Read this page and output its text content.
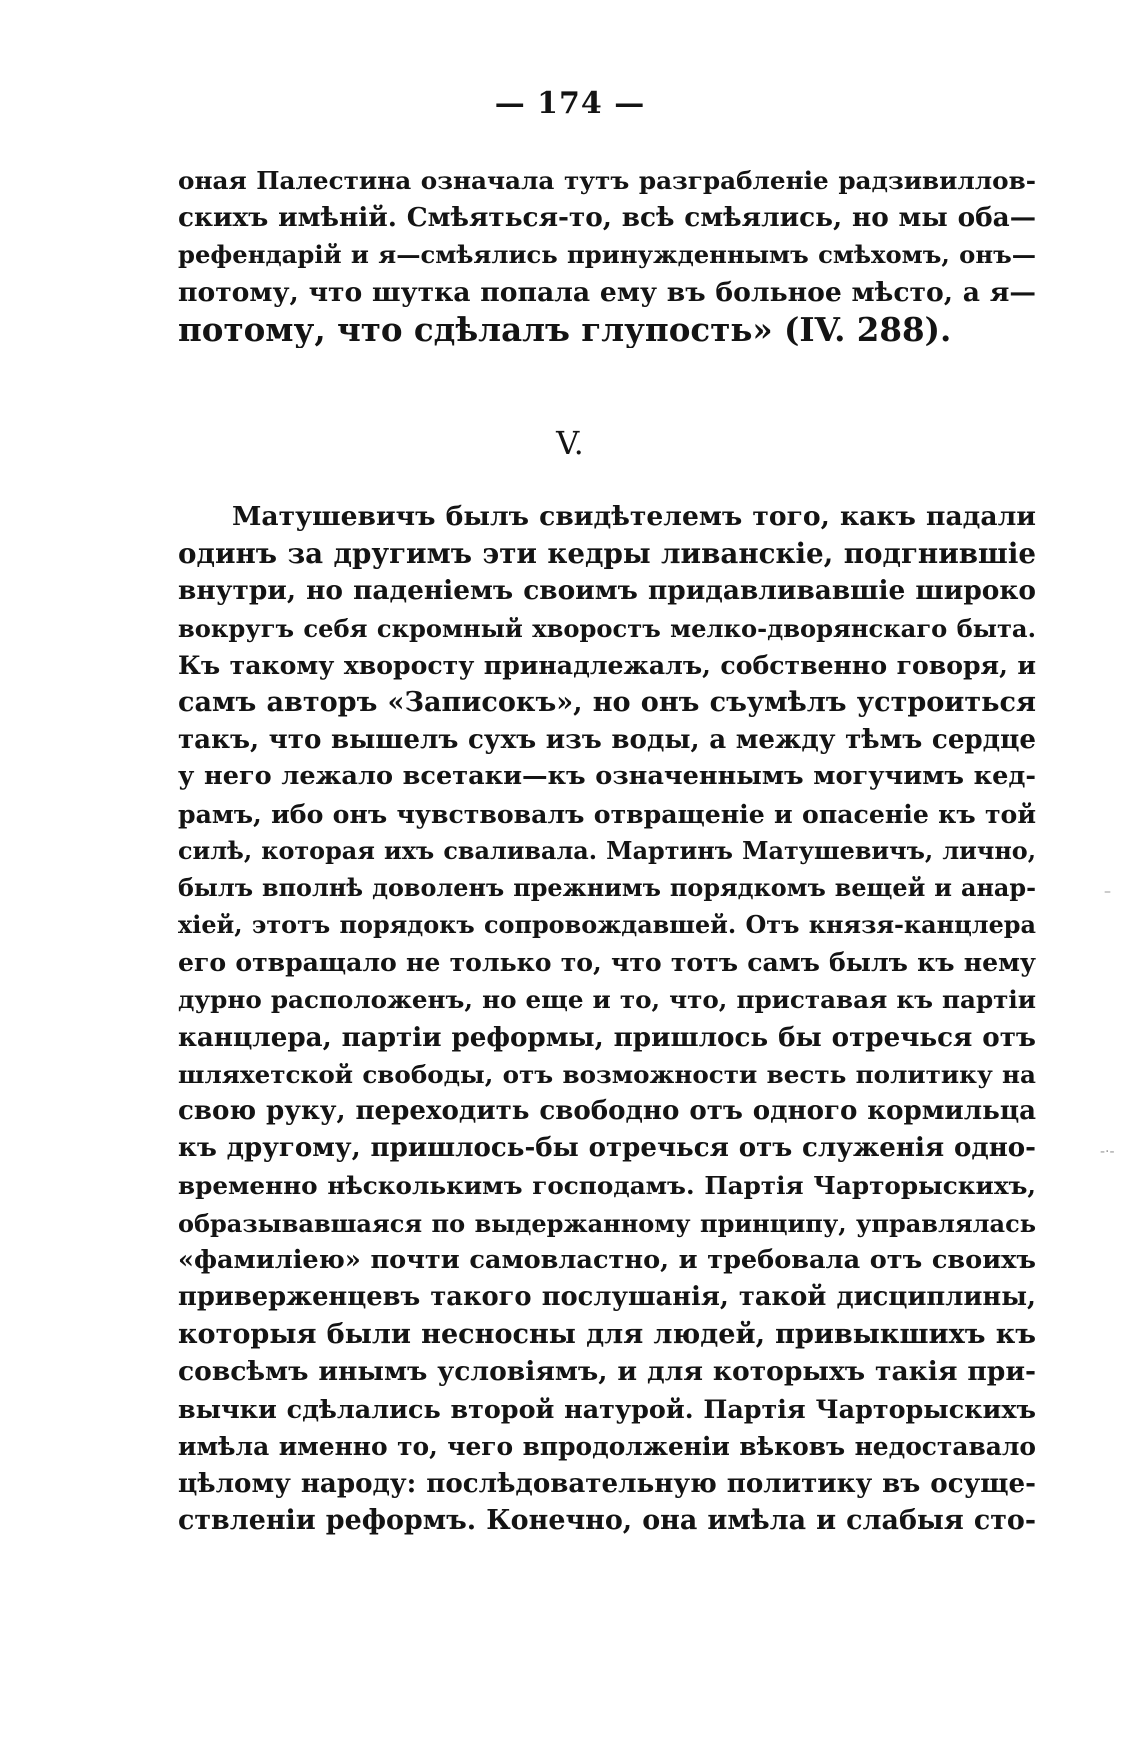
— 174 —
оная Палестина означала тутъ разграбленіе радзивиллов-
скихъ имѣній. Смѣяться-то, всѣ смѣялись, но мы оба—
рефендарій и я—смѣялись принужденнымъ смѣхомъ, онъ—
потому, что шутка попала ему въ больное мѣсто, а я—
потому, что сдѣлалъ глупость» (IV. 288).
V.
Матушевичъ былъ свидѣтелемъ того, какъ падали
одинъ за другимъ эти кедры ливанскіе, подгнившіе
внутри, но паденіемъ своимъ придавливавшіе широко
вокругъ себя скромный хворостъ мелко-дворянскаго быта.
Къ такому хворосту принадлежалъ, собственно говоря, и
самъ авторъ «Записокъ», но онъ съумѣлъ устроиться
такъ, что вышелъ сухъ изъ воды, а между тѣмъ сердце
у него лежало всетаки—къ означеннымъ могучимъ кед-
рамъ, ибо онъ чувствовалъ отвращеніе и опасеніе къ той
силѣ, которая ихъ сваливала. Мартинъ Матушевичъ, лично,
былъ вполнѣ доволенъ прежнимъ порядкомъ вещей и анар-
хіей, этотъ порядокъ сопровождавшей. Отъ князя-канцлера
его отвращало не только то, что тотъ самъ былъ къ нему
дурно расположенъ, но еще и то, что, приставая къ партіи
канцлера, партіи реформы, пришлось бы отречься отъ
шляхетской свободы, отъ возможности весть политику на
свою руку, переходить свободно отъ одного кормильца
къ другому, пришлось-бы отречься отъ служенія одно-
временно нѣсколькимъ господамъ. Партія Чарторыскихъ,
образывавшаяся по выдержанному принципу, управлялась
«фамиліею» почти самовластно, и требовала отъ своихъ
приверженцевъ такого послушанія, такой дисциплины,
которыя были несносны для людей, привыкшихъ къ
совсѣмъ инымъ условіямъ, и для которыхъ такія при-
вычки сдѣлались второй натурой. Партія Чарторыскихъ
имѣла именно то, чего впродолженіи вѣковъ недоставало
цѣлому народу: послѣдовательную политику въ осуще-
ствленіи реформъ. Конечно, она имѣла и слабыя сто-
–
-·-
